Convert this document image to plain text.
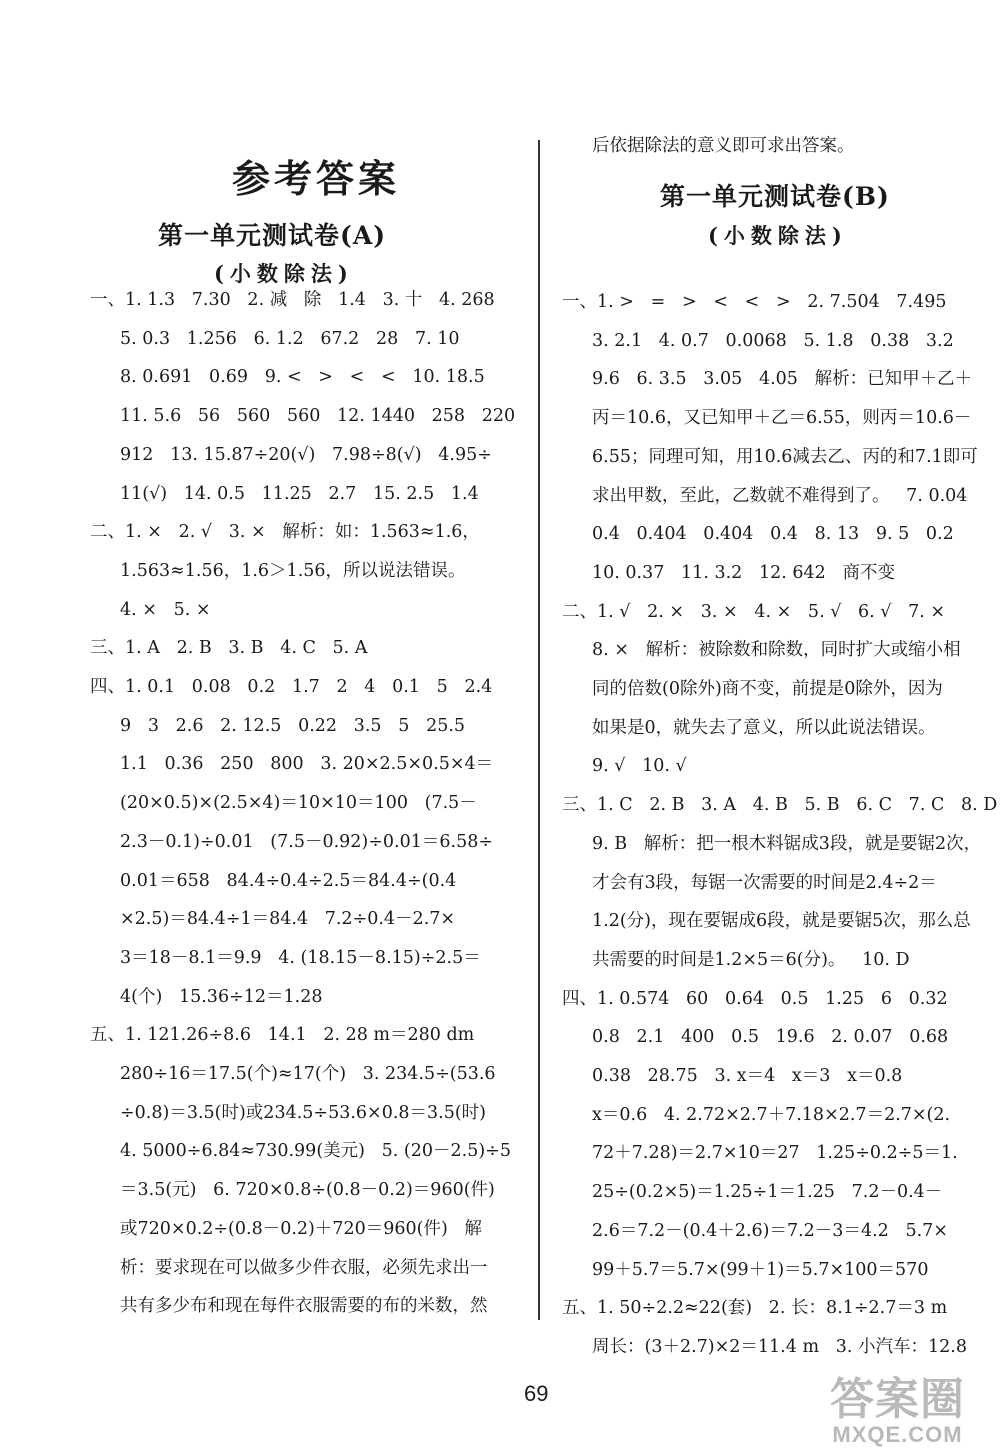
参考答案
第一单元测试卷(A)
(小数除法)
一、1. 1.3   7.30   2. 减   除   1.4   3. 十   4. 268
5. 0.3   1.256   6. 1.2   67.2   28   7. 10
8. 0.691   0.69   9. <   >   <   <   10. 18.5
11. 5.6   56   560   560   12. 1440   258   220
912   13. 15.87÷20(√)   7.98÷8(√)   4.95÷
11(√)   14. 0.5   11.25   2.7   15. 2.5   1.4
二、1. ×   2. √   3. ×   解析：如：1.563≈1.6，
1.563≈1.56，1.6＞1.56，所以说法错误。
4. ×   5. ×
三、1. A   2. B   3. B   4. C   5. A
四、1. 0.1   0.08   0.2   1.7   2   4   0.1   5   2.4
9   3   2.6   2. 12.5   0.22   3.5   5   25.5
1.1   0.36   250   800   3. 20×2.5×0.5×4＝
(20×0.5)×(2.5×4)＝10×10＝100   (7.5－
2.3－0.1)÷0.01   (7.5－0.92)÷0.01＝6.58÷
0.01＝658   84.4÷0.4÷2.5＝84.4÷(0.4
×2.5)＝84.4÷1＝84.4   7.2÷0.4－2.7×
3＝18－8.1＝9.9   4. (18.15－8.15)÷2.5＝
4(个)   15.36÷12＝1.28
五、1. 121.26÷8.6   14.1   2. 28 m＝280 dm
280÷16＝17.5(个)≈17(个)   3. 234.5÷(53.6
÷0.8)＝3.5(时)或234.5÷53.6×0.8＝3.5(时)
4. 5000÷6.84≈730.99(美元)   5. (20－2.5)÷5
＝3.5(元)   6. 720×0.8÷(0.8－0.2)＝960(件)
或720×0.2÷(0.8－0.2)＋720＝960(件)   解
析：要求现在可以做多少件衣服，必须先求出一
共有多少布和现在每件衣服需要的布的米数，然
后依据除法的意义即可求出答案。
第一单元测试卷(B)
(小数除法)
一、1. >   =   >   <   <   >   2. 7.504   7.495
3. 2.1   4. 0.7   0.0068   5. 1.8   0.38   3.2
9.6   6. 3.5   3.05   4.05   解析：已知甲＋乙＋
丙＝10.6，又已知甲＋乙＝6.55，则丙＝10.6－
6.55；同理可知，用10.6减去乙、丙的和7.1即可
求出甲数，至此，乙数就不难得到了。   7. 0.04
0.4   0.404   0.404   0.4   8. 13   9. 5   0.2
10. 0.37   11. 3.2   12. 642   商不变
二、1. √   2. ×   3. ×   4. ×   5. √   6. √   7. ×
8. ×   解析：被除数和除数，同时扩大或缩小相
同的倍数(0除外)商不变，前提是0除外，因为
如果是0，就失去了意义，所以此说法错误。
9. √   10. √
三、1. C   2. B   3. A   4. B   5. B   6. C   7. C   8. D
9. B   解析：把一根木料锯成3段，就是要锯2次，
才会有3段，每锯一次需要的时间是2.4÷2＝
1.2(分)，现在要锯成6段，就是要锯5次，那么总
共需要的时间是1.2×5＝6(分)。   10. D
四、1. 0.574   60   0.64   0.5   1.25   6   0.32
0.8   2.1   400   0.5   19.6   2. 0.07   0.68
0.38   28.75   3. x＝4   x＝3   x＝0.8
x＝0.6   4. 2.72×2.7＋7.18×2.7＝2.7×(2.
72＋7.28)＝2.7×10＝27   1.25÷0.2÷5＝1.
25÷(0.2×5)＝1.25÷1＝1.25   7.2－0.4－
2.6＝7.2－(0.4＋2.6)＝7.2－3＝4.2   5.7×
99＋5.7＝5.7×(99＋1)＝5.7×100＝570
五、1. 50÷2.2≈22(套)   2. 长：8.1÷2.7＝3 m
周长：(3＋2.7)×2＝11.4 m   3. 小汽车：12.8
69	答案圈
MXQE.COM
